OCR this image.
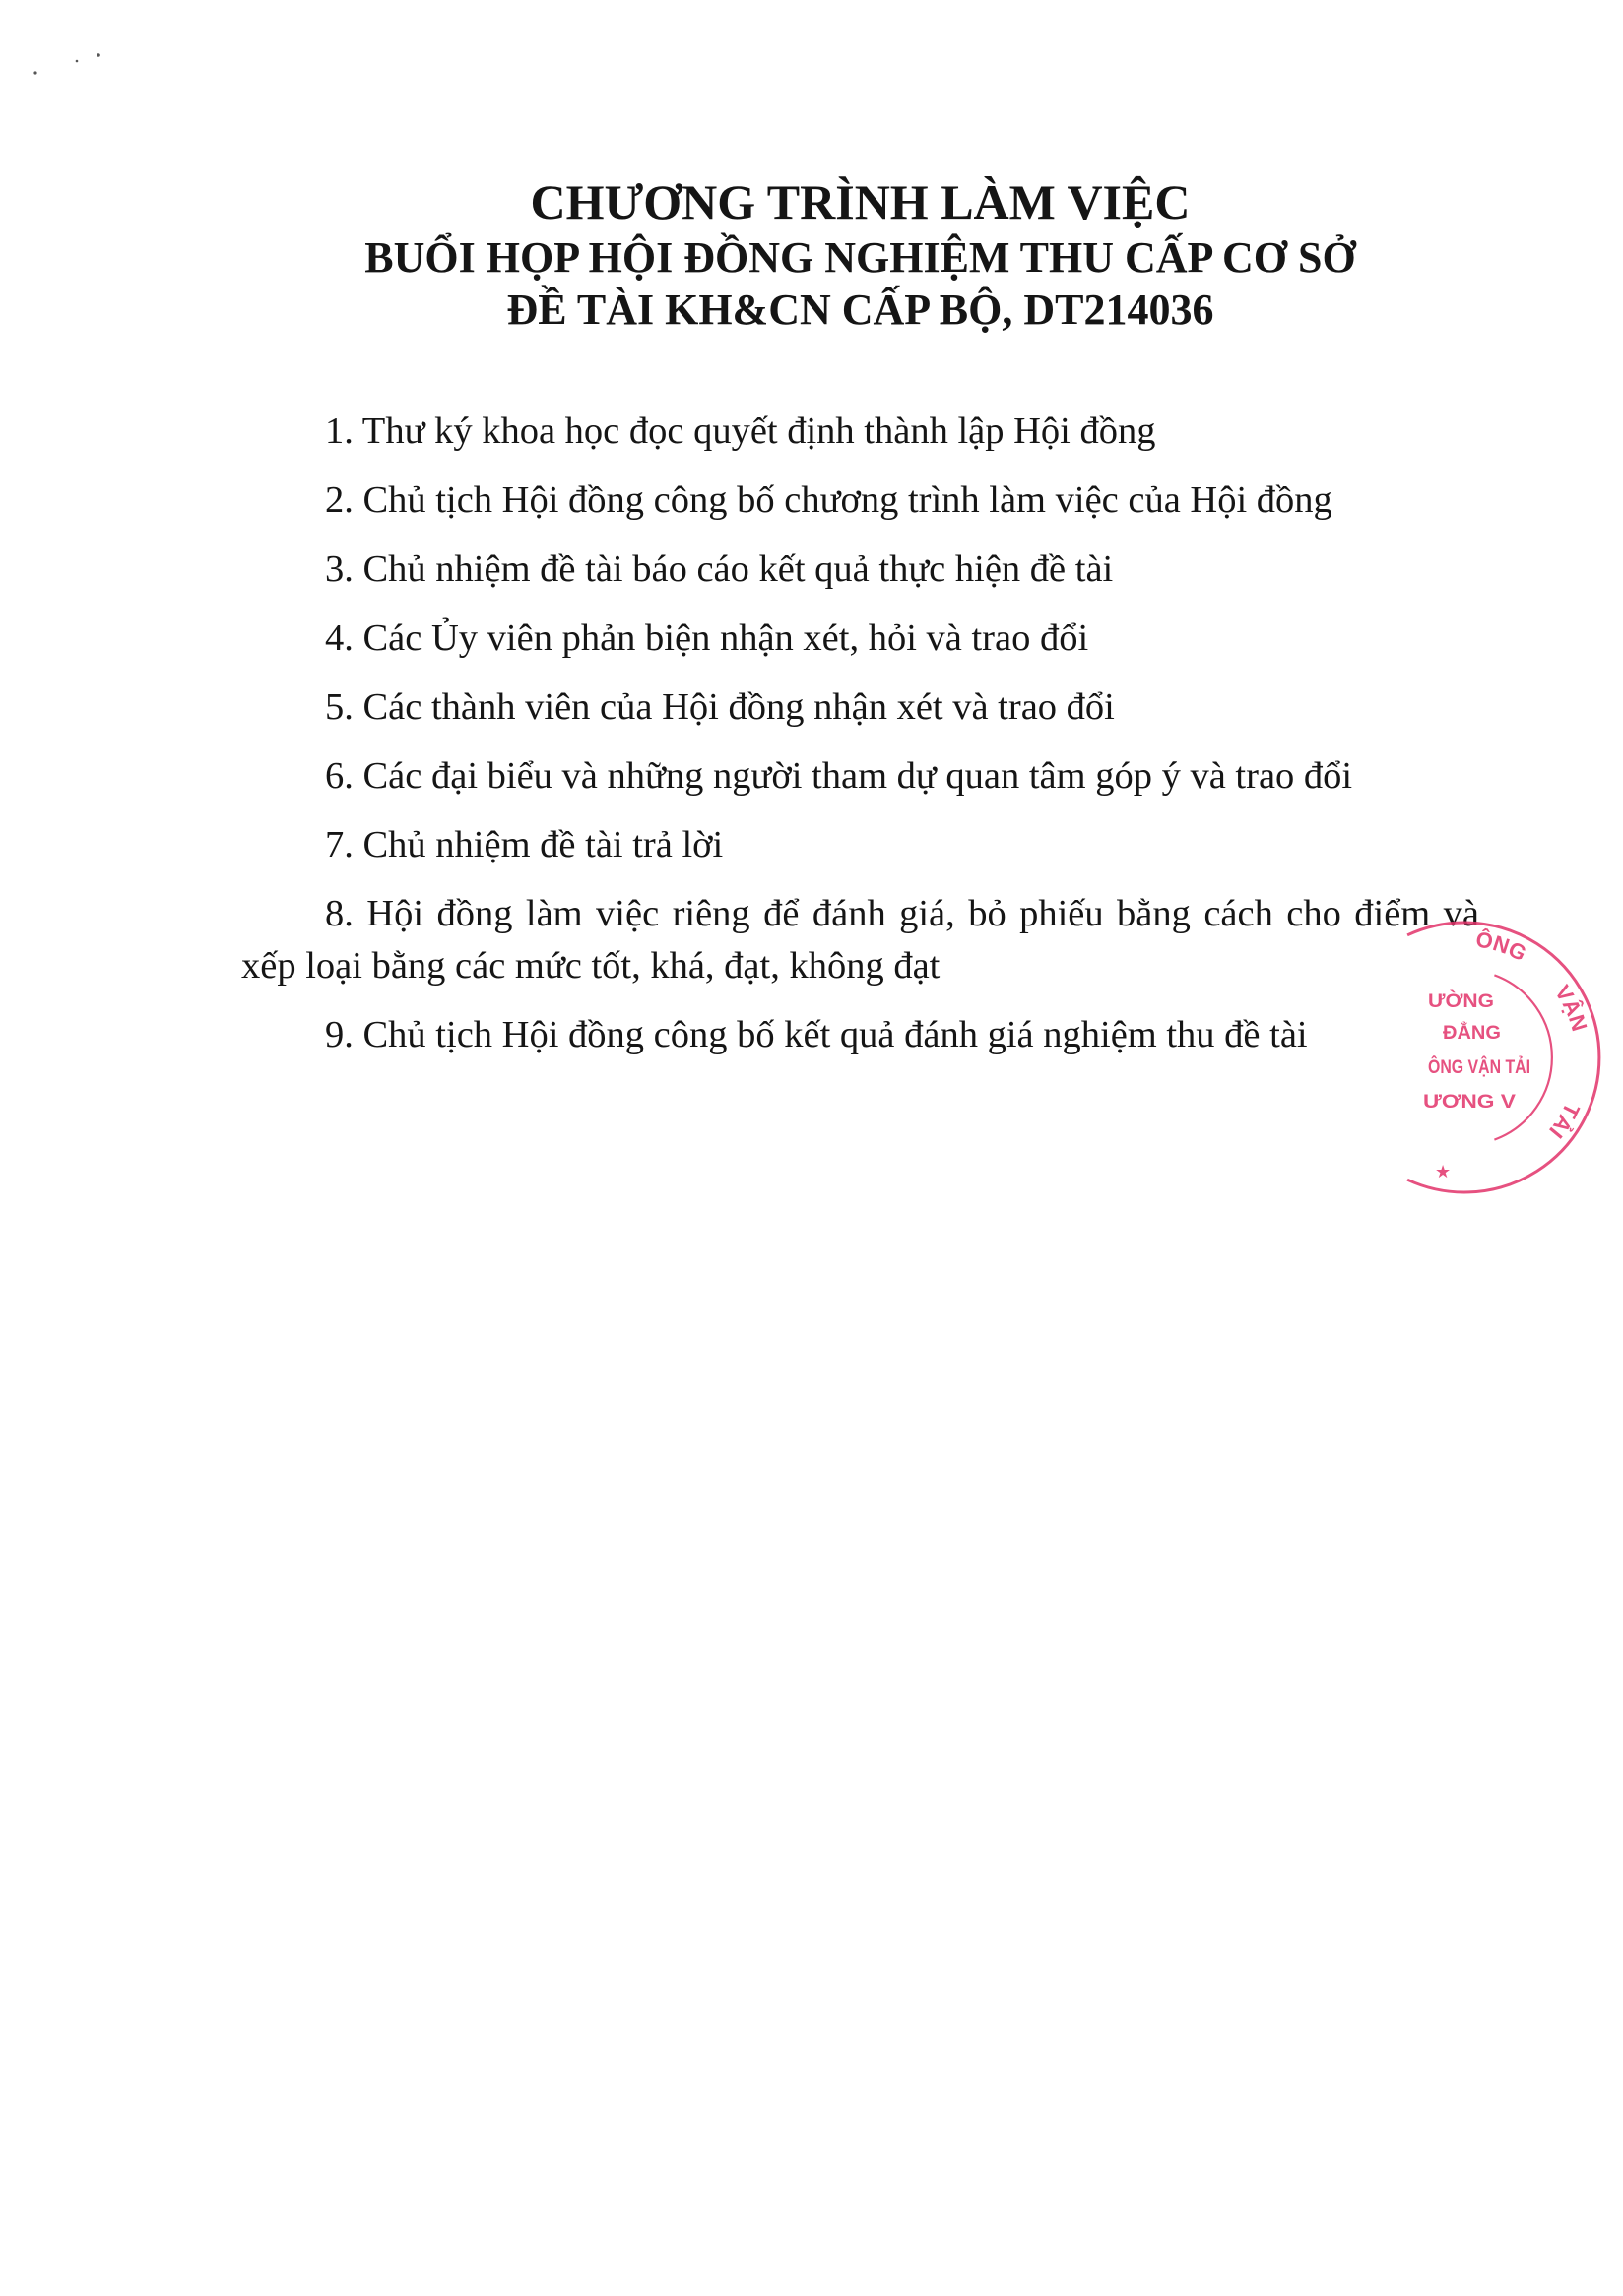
CHƯƠNG TRÌNH LÀM VIỆC
BUỔI HỌP HỘI ĐỒNG NGHIỆM THU CẤP CƠ SỞ
ĐỀ TÀI KH&CN CẤP BỘ, DT214036
1. Thư ký khoa học đọc quyết định thành lập Hội đồng
2. Chủ tịch Hội đồng công bố chương trình làm việc của Hội đồng
3. Chủ nhiệm đề tài báo cáo kết quả thực hiện đề tài
4. Các Ủy viên phản biện nhận xét, hỏi và trao đổi
5. Các thành viên của Hội đồng nhận xét và trao đổi
6. Các đại biểu và những người tham dự quan tâm góp ý và trao đổi
7. Chủ nhiệm đề tài trả lời
8. Hội đồng làm việc riêng để đánh giá, bỏ phiếu bằng cách cho điểm và
xếp loại bằng các mức tốt, khá, đạt, không đạt
9. Chủ tịch Hội đồng công bố kết quả đánh giá nghiệm thu đề tài
ÔNG
VẬN
TẢI
ƯỜNG
ĐẲNG
ÔNG VẬN TẢI
ƯƠNG V
★
